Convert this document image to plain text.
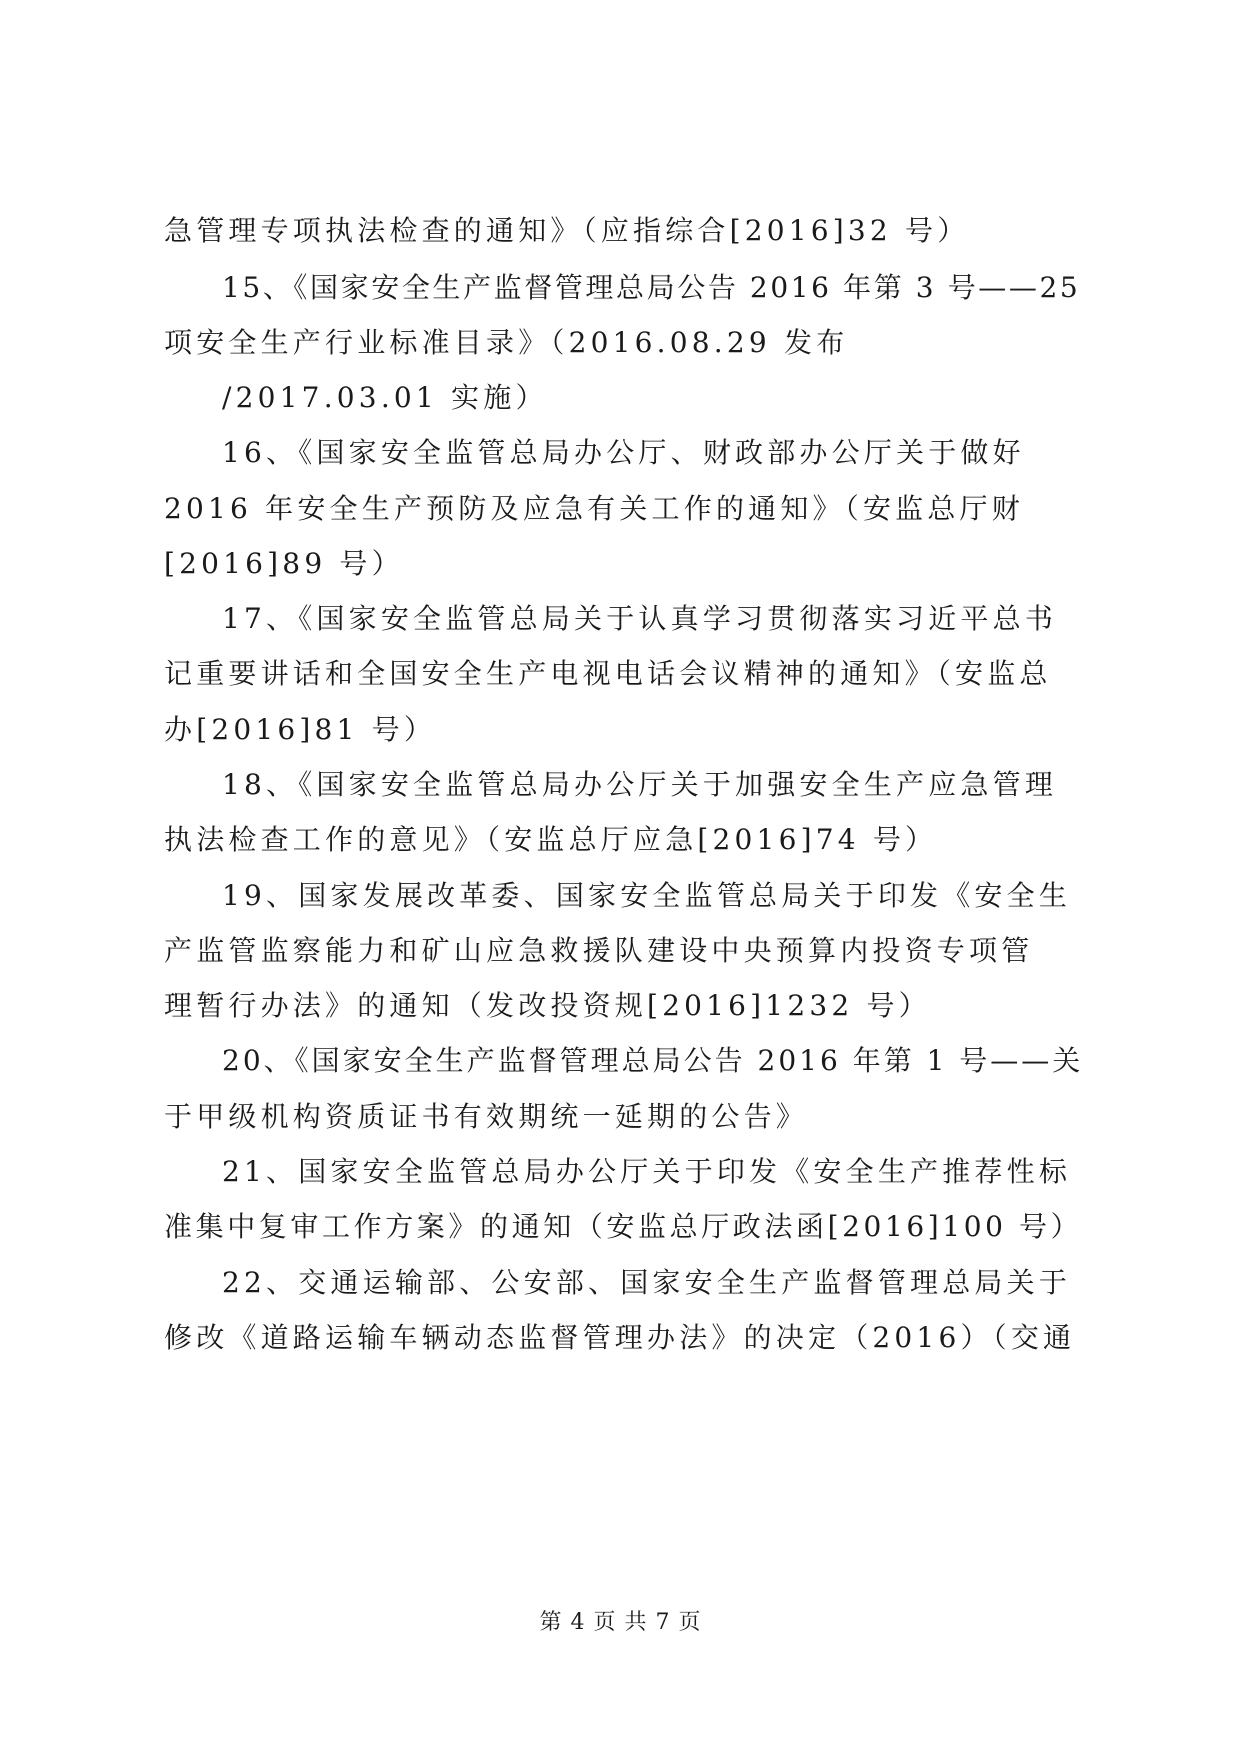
急管理专项执法检查的通知》（应指综合[2016]32 号）
15、《国家安全生产监督管理总局公告 2016 年第 3 号——25
项安全生产行业标准目录》（2016.08.29 发布
/2017.03.01 实施）
16、《国家安全监管总局办公厅、财政部办公厅关于做好
2016 年安全生产预防及应急有关工作的通知》（安监总厅财
[2016]89 号）
17、《国家安全监管总局关于认真学习贯彻落实习近平总书
记重要讲话和全国安全生产电视电话会议精神的通知》（安监总
办[2016]81 号）
18、《国家安全监管总局办公厅关于加强安全生产应急管理
执法检查工作的意见》（安监总厅应急[2016]74 号）
19、国家发展改革委、国家安全监管总局关于印发《安全生
产监管监察能力和矿山应急救援队建设中央预算内投资专项管
理暂行办法》的通知（发改投资规[2016]1232 号）
20、《国家安全生产监督管理总局公告 2016 年第 1 号——关
于甲级机构资质证书有效期统一延期的公告》
21、国家安全监管总局办公厅关于印发《安全生产推荐性标
准集中复审工作方案》的通知（安监总厅政法函[2016]100 号）
22、交通运输部、公安部、国家安全生产监督管理总局关于
修改《道路运输车辆动态监督管理办法》的决定（2016）（交通
第 4 页 共 7 页
